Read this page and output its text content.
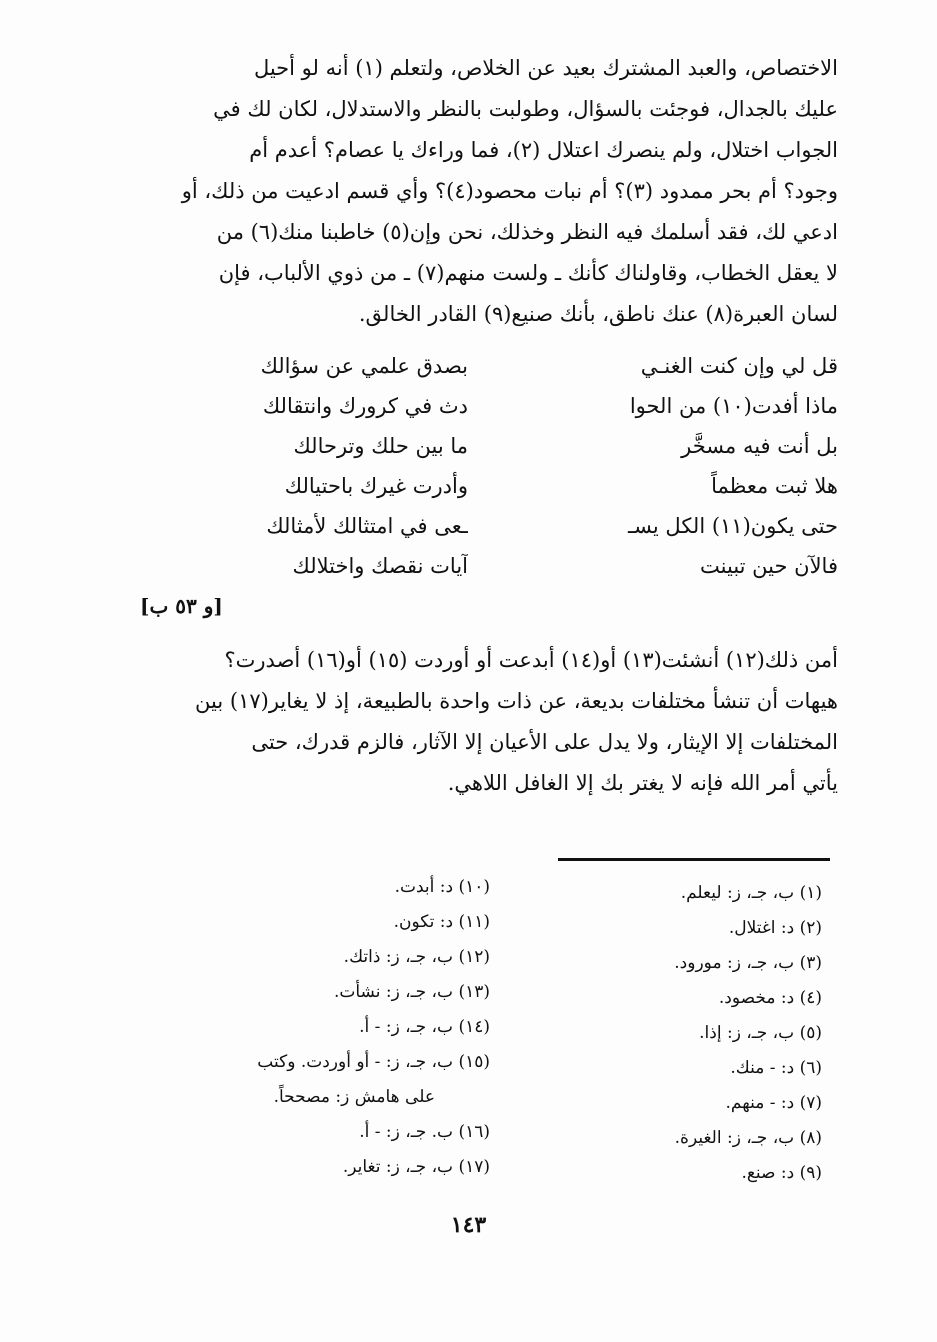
الاختصاص، والعبد المشترك بعيد عن الخلاص، ولتعلم (١) أنه لو أحيل

عليك بالجدال، فوجئت بالسؤال، وطولبت بالنظر والاستدلال، لكان لك في

الجواب اختلال، ولم ينصرك اعتلال (٢)، فما وراءك يا عصام؟ أعدم أم

وجود؟ أم بحر ممدود (٣)؟ أم نبات محصود(٤)؟ وأي قسم ادعيت من ذلك، أو

ادعي لك، فقد أسلمك فيه النظر وخذلك، نحن وإن(٥) خاطبنا منك(٦) من

لا يعقل الخطاب، وقاولناك كأنك ـ ولست منهم(٧) ـ من ذوي الألباب، فإن

لسان العبرة(٨) عنك ناطق، بأنك صنيع(٩) القادر الخالق.

قل لي وإن كنت الغنـي
بصدق علمي عن سؤالك
ماذا أفدت(١٠) من الحوا
دث في كرورك وانتقالك
بل أنت فيه مسخَّر
ما بين حلك وترحالك
هلا ثبت معظماً
وأدرت غيرك باحتيالك
حتى يكون(١١) الكل يسـ
ـعى في امتثالك لأمثالك
فالآن حين تبينت
آيات نقصك واختلالك
[و ٥٣ ب]

أمن ذلك(١٢) أنشئت(١٣) أو(١٤) أبدعت أو أوردت (١٥) أو(١٦) أصدرت؟

هيهات أن تنشأ مختلفات بديعة، عن ذات واحدة بالطبيعة، إذ لا يغاير(١٧) بين

المختلفات إلا الإيثار، ولا يدل على الأعيان إلا الآثار، فالزم قدرك، حتى

يأتي أمر الله فإنه لا يغتر بك إلا الغافل اللاهي.

(١) ب، جـ، ز: ليعلم.
(٢) د: اغتلال.
(٣) ب، جـ، ز: مورود.
(٤) د: مخصود.
(٥) ب، جـ، ز: إذا.
(٦) د: - منك.
(٧) د: - منهم.
(٨) ب، جـ، ز: الغيرة.
(٩) د: صنع.
(١٠) د: أبدت.
(١١) د: تكون.
(١٢) ب، جـ، ز: ذاتك.
(١٣) ب، جـ، ز: نشأت.
(١٤) ب، جـ، ز: - أ.
(١٥) ب، جـ، ز: - أو أوردت. وكتب
على هامش ز: مصححاً.
(١٦) ب. جـ، ز: - أ.
(١٧) ب، جـ، ز: تغاير.
١٤٣
